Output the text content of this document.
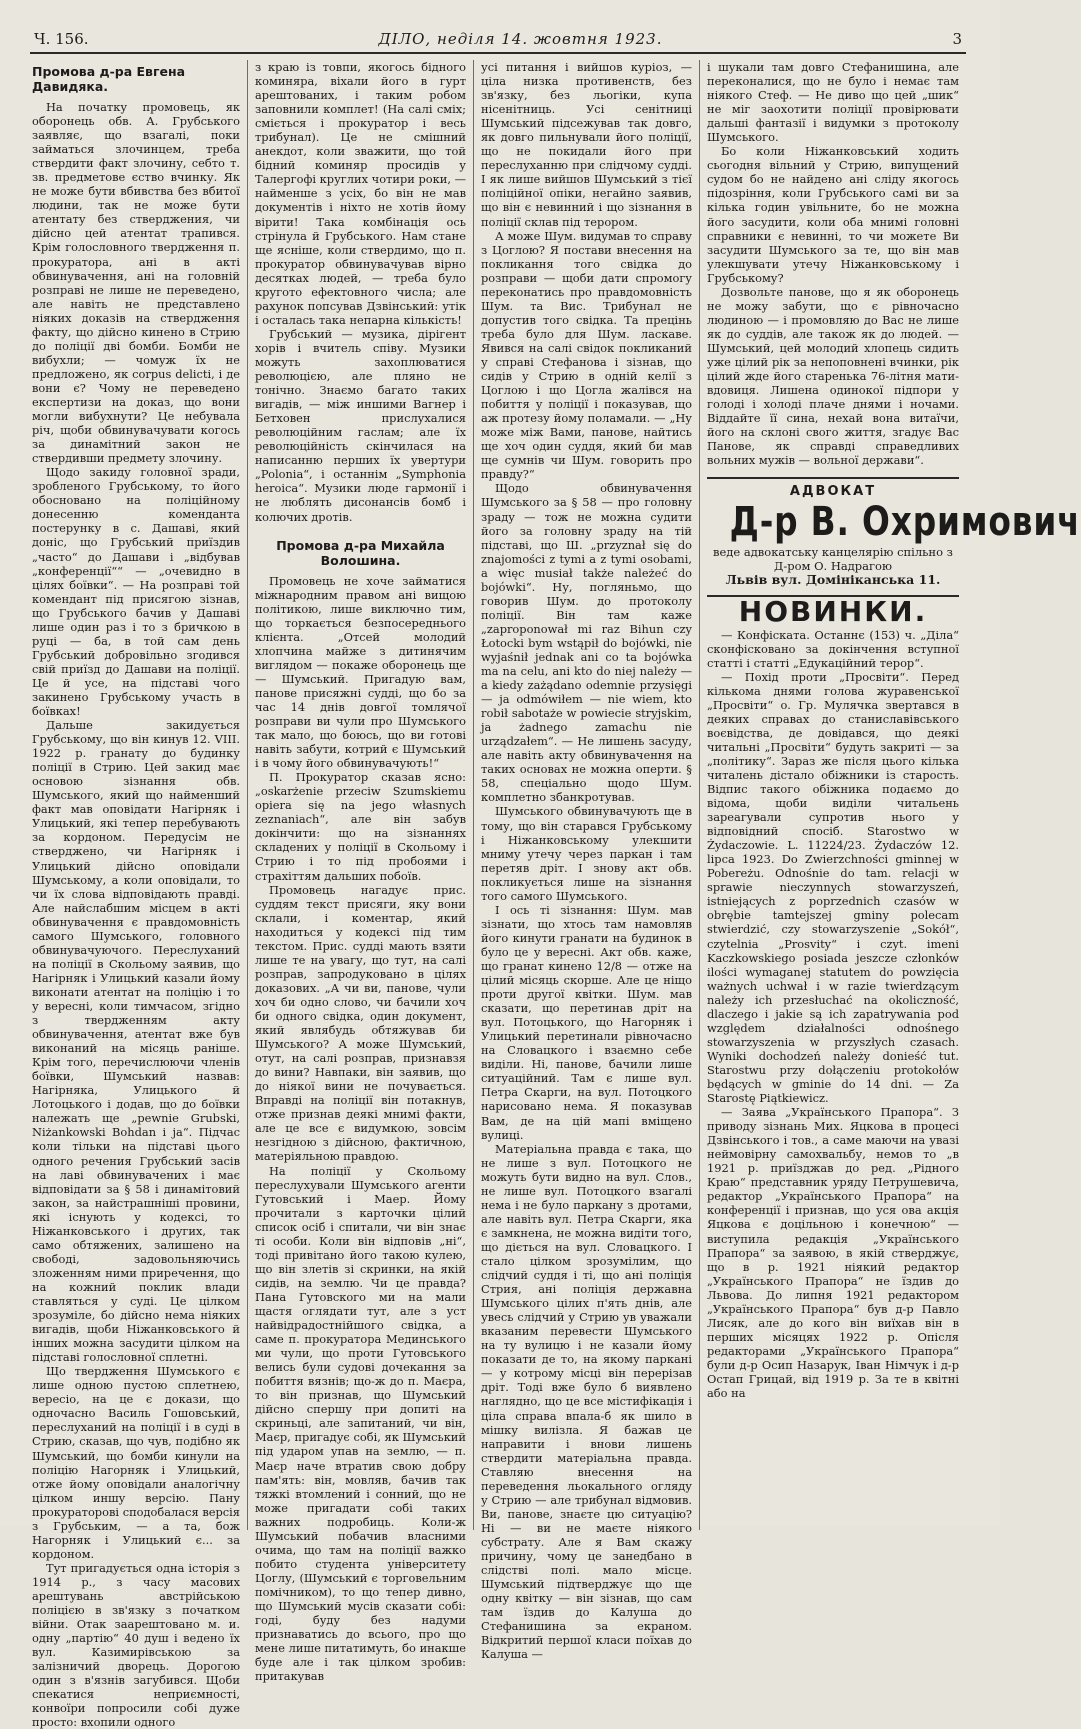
Ч. 156.	ДІЛО, неділя 14. жовтня 1923.	3
Промова д-ра Евгена Давидяка.

На початку промовець, як оборонець обв. А. Грубського заявляє, що взагалі, поки займаться злочинцем, треба ствердити факт злочину, себто т. зв. предметове єство вчинку. Як не може бути вбивства без вбитої людини, так не може бути атентату без стверджения, чи дійсно цей атентат трапився. Крім голословного твердження п. прокуратора, ані в акті обвинувачення, ані на головній розправі не лише не переведено, але навіть не представлено ніяких доказів на ствердження факту, що дійсно кинено в Стрию до поліції дві бомби. Бомби не вибухли; — чомуж їх не предложено, як corpus delicti, і де вони є? Чому не переведено експертизи на доказ, що вони могли вибухнути? Це небувала річ, щоби обвинувачувати когось за динамітний закон не ствердивши предмету злочину.

Щодо закиду головної зради, зробленого Грубському, то його обосновано на поліційному донесенню коменданта постерунку в с. Дашаві, який доніс, що Грубський приїздив „часто“ до Дашави і „відбував „конференції““ — „очевидно в цілях боївки“. — На розправі той комендант під присягою зізнав, що Грубського бачив у Дашаві лише один раз і то з бричкою в руці — ба, в той сам день Грубський добровільно згодився свій приїзд до Дашави на поліції. Це й усе, на підставі чого закинено Грубському участь в боївках!

Дальше закидується Грубському, що він кинув 12. VIII. 1922 р. гранату до будинку поліції в Стрию. Цей закид має основою зізнання обв. Шумського, який що найменший факт мав оповідати Нагірняк і Улицький, які тепер перебувають за кордоном. Передусім не стверджено, чи Нагірняк і Улицький дійсно оповідали Шумському, а коли оповідали, то чи їх слова відповідають правді. Але найслабшим місцем в акті обвинувачення є правдомовність самого Шумського, головного обвинувачуючого. Переслуханий на поліції в Скольому заявив, що Нагірняк і Улицький казали йому виконати атентат на поліцію і то у вересні, коли тимчасом, згідно з твердженням акту обвинувачення, атентат вже був виконаний на місяць раніше. Крім того, перечислюючи членів боївки, Шумський назвав: Нагірняка, Улицького й Лотоцького і додав, що до боївки належать ще „pewnie Grubski, Niżankowski Bohdan і ja“. Підчас коли тільки на підставі цього одного речения Грубський засів на лаві обвинувачених і має відповідати за § 58 і динамітовий закон, за найстрашніші провини, які існують у кодексі, то Ніжанковського і других, так само обтяжених, залишено на свободі, задовольняючись зложенням ними приречення, що на кожний поклик влади ставляться у суді. Це цілком зрозуміле, бо дійсно нема ніяких вигадів, щоби Ніжанковського й інших можна засудити цілком на підставі голословної сплетні.

Що твердження Шумського є лише одною пустою сплетнею, вересіо, на це є докази, що одночасно Василь Гошовський, переслуханий на поліції і в суді в Стрию, сказав, що чув, подібно як Шумський, що бомби кинули на поліцію Нагорняк і Улицький, отже йому оповідали аналогічну цілком иншу версію. Пану прокураторові сподобалася версія з Грубським, — а та, бож Нагорняк і Улицький є... за кордоном.

Тут пригадується одна історія з 1914 р., з часу масових арештувань австрійською поліцією в зв'язку з початком війни. Отак заарештовано м. и. одну „партію“ 40 душ і ведено їх вул. Казимирівською за залізничий дворець. Дорогою один з в'язнів загубився. Щоби спекатися неприємності, конвоїри попросили собі дуже просто: вхопили одного

з краю із товпи, якогось бідного коминяра, віхали його в гурт арештованих, і таким робом заповнили комплет! (На салі сміх; сміється і прокуратор і весь трибунал). Це не смішний анекдот, коли зважити, що той бідний коминяр просидів у Талергофі круглих чотири роки, — найменше з усіх, бо він не мав документів і ніхто не хотів йому вірити! Така комбінація ось стрінула й Грубського. Нам стане ще ясніше, коли ствердимо, що п. прокуратор обвинувачував вірно десятках людей, — треба було кругото ефектовного числа; але рахунок попсував Дзвінський: утік і осталась така непарна кількість!

Грубський — музика, дірігент хорів і вчитель співу. Музики можуть захоплюватися революцією, але пляно не тонічно. Знаємо багато таких вигадів, — між иншими Вагнер і Бетховен прислухалися революційним гаслам; але їх революційність скінчилася на написанню перших їх увертури „Polonia“, і останнім „Symphonia heroica“. Музики люде гармонії і не люблять дисонансів бомб і колючих дротів.

Промова д-ра Михайла Волошина.

Промовець не хоче займатися міжнародним правом ані вищою політикою, лише виключно тим, що торкається безпосереднього клієнта. „Отсей молодий хлопчина майже з дитинячим виглядом — покаже оборонець ще — Шумський. Пригадую вам, панове присяжні судді, що бо за час 14 днів довгої томлячої розправи ви чули про Шумського так мало, що боюсь, що ви готові навіть забути, котрий є Шумський і в чому його обвинувачують!“

П. Прокуратор сказав ясно: „oskarżenie przeciw Szumskiemu opiera się na jego własnych zeznaniach“, але він забув докінчити: що на зізнаннях складених у поліції в Скольому і Стрию і то під пробоями і страхіттям дальших побоїв.

Промовець нагадує прис. суддям текст присяги, яку вони склали, і коментар, який находиться у кодексі під тим текстом. Прис. судді мають взяти лише те на увагу, що тут, на салі розправ, запродуковано в цілях доказових. „А чи ви, панове, чули хоч би одно слово, чи бачили хоч би одного свідка, один документ, який являбудь обтяжував би Шумського? А може Шумський, отут, на салі розправ, признавзя до вини? Навпаки, він заявив, що до ніякої вини не почувається. Вправді на поліції він потакнув, отже признав деякі мнимі факти, але це все є видумкою, зовсім незгідною з дійсною, фактичною, матеріяльною правдою.

На поліції у Скольому переслухували Шумського агенти Гутовський і Маер. Йому прочитали з карточки цілий список осіб і спитали, чи він знає ті особи. Коли він відповів „ні“, тоді привітано його такою кулею, що він злетів зі скринки, на якій сидів, на землю. Чи це правда? Пана Гутовского ми на мали щастя оглядати тут, але з уст найвідрадостнійшого свідка, а саме п. прокураторa Мединського ми чули, що проти Гутовського велись були судові дочекання за побиття вязнів; що-ж до п. Маєра, то він признав, що Шумський дійсно спершу при допиті на скриньці, але запитаний, чи він, Маєр, пригадує собі, як Шумський під ударом упав на землю, — п. Маєр наче втратив свою добру пам'ять: він, мовляв, бачив так тяжкі втомлений і сонний, що не може пригадати собі таких важних подробиць. Коли-ж Шумський побачив власними очима, що там на поліції важко побито студента університету Цоглу, (Шумський є торговельним помічником), то що тепер дивно, що Шумський мусів сказати собі: годі, буду без надуми признаватись до всього, про що мене лише питатимуть, бо инакше буде але і так цілком зробив: притакував

усі питання і вийшов куріоз, — ціла низка противенств, без зв'язку, без льогіки, купа нісенітниць. Усі сенітниці Шумський підсежував так довго, як довго пильнували його поліції, що не покидали його при переслуханню при слідчому судді. І як лише вийшов Шумський з тієї поліційної опіки, негайно заявив, що він є невинний і що зізнання в поліції склав під терором.

А може Шум. видумав то справу з Цоглою? Я постави внесення на покликання того свідка до розправи — щоби дати спромогу переконатись про правдомовність Шум. та Вис. Трибунал не допустив того свідка. Та прецінь треба було для Шум. ласкаве. Явився на салі свідок покликаний у справі Стефанова і зізнав, що сидів у Стрию в одній келії з Цоглою і що Цогла жалівся на побиття у поліції і показував, що аж протезу йому поламали. — „Ну може між Вами, панове, найтись ще хоч один суддя, який би мав ще сумнів чи Шум. говорить про правду?“

Щодо обвинувачення Шумського за § 58 — про головну зраду — тож не можна судити його за головну зраду на тій підставі, що Ш. „przyznał się do znajomości z tymi a z tymi osobami, a więc musiał także należeć do bojówki“. Ну, погляньмо, що говорив Шум. до протоколу поліції. Він там каже „zaproponował mi raz Bihun czy Łotocki bym wstąpił do bojówki, nie wyjaśnił jednak ani co ta bojówka ma na celu, ani kto do niej należy — a kiedy zażądano odemnie przysięgi — ja odmówiłem — nie wiem, kto robił sabotaże w powiecie stryjskim, ja żadnego zamachu nie urządzałem“. — Не лишень засуду, але навіть акту обвинувачення на таких основах не можна оперти. § 58, спеціально щодо Шум. комплетно збанкротував.

Шумського обвинувачують ще в тому, що він старався Грубському і Ніжанковському улекшити мниму утечу через паркан і там перетяв дріт. І знову акт обв. покликується лише на зізнання того самого Шумського.

І ось ті зізнання: Шум. мав зізнати, що хтось там намовляв його кинути гранати на будинок в було це у вересні. Акт обв. каже, що гранат кинено 12/8 — отже на цілий місяць скорше. Але це ніщо проти другої квітки. Шум. мав сказати, що перетинав дріт на вул. Потоцького, що Нагорняк і Улицький перетинали рівночасно на Словацкого і взаємно себе виділи. Ні, панове, бачили лише ситуаційний. Там є лише вул. Петра Скарги, на вул. Потоцкого нарисовано нема. Я показував Вам, де на цій мапі вміщено вулиці.

Матеріальна правда є така, що не лише з вул. Потоцкого не можуть бути видно на вул. Слов., не лише вул. Потоцкого взагалі нема і не було паркану з дротами, але навіть вул. Петра Скарги, яка є замкнена, не можна видіти того, що діється на вул. Словацкого. І стало цілком зрозумілим, що слідчий суддя і ті, що ані поліція Стрия, ані поліція державна Шумського цілих п'ять днів, але увесь слідчий у Стрию ув уважали вказаним перевести Шумського на ту вулицю і не казали йому показати де то, на якому паркані — у котрому місці він перерізав дріт. Тоді вже було б виявлено наглядно, що це все містифікація і ціла справа впала-б як шило в мішку вилізла. Я бажав це направити і внови лишень ствердити матеріальна правда. Ставляю внесення на переведення льокального огляду у Стрию — але трибунал відмовив. Ви, панове, знаєте цю ситуацію? Ні — ви не маєте ніякого субстрату. Але я Вам скажу причину, чому це занедбано в слідстві полі. мало місце. Шумський підтверджує що ще одну квітку — він зізнав, що сам там їздив до Калуша до Стефанишина за екраном. Відкритий першої класи поїхав до Калуша —

і шукали там довго Стефанишина, але переконалися, що не було і немає там ніякого Стеф. — Не диво що цей „шик“ не міг заохотити поліції провірювати дальші фантазії і видумки з протоколу Шумського.

Бо коли Ніжанковський ходить сьогодня вільний у Стрию, випущений судом бо не найдено ані сліду якогось підозріння, коли Грубського самі ви за кілька годин увільните, бо не можна його засудити, коли оба мнимі головні справники є невинні, то чи можете Ви засудити Шумського за те, що він мав улекшувати утечу Ніжанковському і Грубському?

Дозвольте панове, що я як оборонець не можу забути, що є рівночасно людиною — і промовляю до Вас не лише як до суддів, але також як до людей. — Шумський, цей молодий хлопець сидить уже цілий рік за непоповнені вчинки, рік цілий жде його старенька 76-літня мати-вдовиця. Лишена одинокої підпори у голоді і холоді плаче днями і ночами. Віддайте її сина, нехай вона витаїчи, його на склоні свого життя, згадує Вас Панове, як справді справедливих вольних мужів — вольної держави“.

АДВОКАТ
Д-р В. Охримович
веде адвокатську канцелярію спільно з Д-ром О. Надрагою
Львів вул. Домініканська 11.
НОВИНКИ.

— Конфіската. Останнє (153) ч. „Діла“ сконфісковано за докінчення вступної статті і статті „Едукаційний терор“.

— Похід проти „Просвіти“. Перед кількома днями голова журавенської „Просвіти“ о. Гр. Мулячка звертався в деяких справах до станиславівського воєвідства, де довідався, що деякі читальні „Просвіти“ будуть закриті — за „політику“. Зараз же після цього кілька читалень дістало обіжники із старость. Відпис такого обіжника подаємо до відома, щоби виділи читальень зареагували супротив нього у відповідний спосіб. Starostwo w Żydaczowie. L. 11224/23. Żydaczów 12. lipca 1923. Do Zwierzchności gminnej w Pobereżu. Odnośnie do tam. relacji w sprawie nieczynnych stowarzyszeń, istniejących z poprzednich czasów w obrębie tamtejszej gminy polecam stwierdzić, czy stowarzyszenie „Sokół“, czytelnia „Prosvity“ i czyt. imeni Kaczkowskiego posiada jeszcze członków ilości wymaganej statutem do powzięcia ważnych uchwał i w razie twierdzącym należy ich przesłuchać na okoliczność, dlaczego i jakie są ich zapatrywania pod względem działalności odnośnego stowarzyszenia w przyszłych czasach. Wyniki dochodzeń należy donieść tut. Starostwu przy dołączeniu protokołów będących w gminie do 14 dni. — Za Starostę Piątkiewicz.

— Заява „Українського Прапора“. З приводу зізнань Мих. Яцкова в процесі Дзвінського і тов., а саме маючи на увазі неймовірну самохвальбу, немов то „в 1921 р. приїзджав до ред. „Рідного Краю“ представник уряду Петрушевича, редактор „Українського Прапора“ на конференції і признав, що уся ова акція Яцкова є доцільною і конечною“ — виступила редакція „Українського Прапора“ за заявою, в якій стверджує, що в р. 1921 ніякий редактор „Українського Прапора“ не їздив до Львова. До липня 1921 редактором „Українського Прапора“ був д-р Павло Лисяк, але до кого він виїхав він в перших місяцях 1922 р. Опісля редакторами „Українського Прапора“ були д-р Осип Назарук, Іван Німчук і д-р Остап Грицай, від 1919 р. За те в квітні або на
